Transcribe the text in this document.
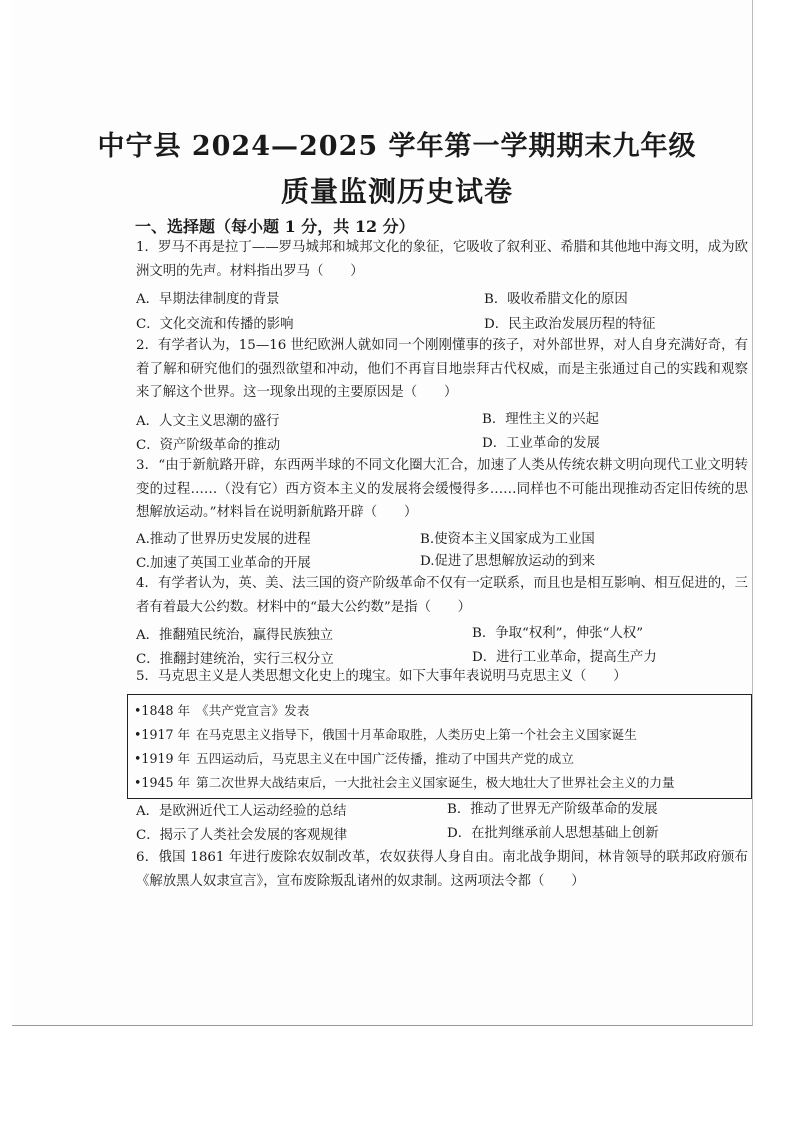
中宁县 2024—2025 学年第一学期期末九年级
质量监测历史试卷
一、选择题（每小题 1 分，共 12 分）
1．罗马不再是拉丁——罗马城邦和城邦文化的象征，它吸收了叙利亚、希腊和其他地中海文明，成为欧洲文明的先声。材料指出罗马（　　）
A．早期法律制度的背景	B．吸收希腊文化的原因
C．文化交流和传播的影响	D．民主政治发展历程的特征
2．有学者认为，15—16 世纪欧洲人就如同一个刚刚懂事的孩子，对外部世界，对人自身充满好奇，有着了解和研究他们的强烈欲望和冲动，他们不再盲目地崇拜古代权威，而是主张通过自己的实践和观察来了解这个世界。这一现象出现的主要原因是（　　）
A．人文主义思潮的盛行	B．理性主义的兴起
C．资产阶级革命的推动	D．工业革命的发展
3．“由于新航路开辟，东西两半球的不同文化圈大汇合，加速了人类从传统农耕文明向现代工业文明转变的过程……（没有它）西方资本主义的发展将会缓慢得多……同样也不可能出现推动否定旧传统的思想解放运动。”材料旨在说明新航路开辟（　　）
A.推动了世界历史发展的进程	B.使资本主义国家成为工业国
C.加速了英国工业革命的开展	D.促进了思想解放运动的到来
4．有学者认为，英、美、法三国的资产阶级革命不仅有一定联系，而且也是相互影响、相互促进的，三者有着最大公约数。材料中的“最大公约数”是指（　　）
A．推翻殖民统治，赢得民族独立	B．争取“权利”，伸张“人权”
C．推翻封建统治，实行三权分立	D．进行工业革命，提高生产力
5．马克思主义是人类思想文化史上的瑰宝。如下大事年表说明马克思主义（　　）
•1848 年 《共产党宣言》发表
•1917 年 在马克思主义指导下，俄国十月革命取胜，人类历史上第一个社会主义国家诞生
•1919 年 五四运动后，马克思主义在中国广泛传播，推动了中国共产党的成立
•1945 年 第二次世界大战结束后，一大批社会主义国家诞生，极大地壮大了世界社会主义的力量
A．是欧洲近代工人运动经验的总结	B．推动了世界无产阶级革命的发展
C．揭示了人类社会发展的客观规律	D．在批判继承前人思想基础上创新
6．俄国 1861 年进行废除农奴制改革，农奴获得人身自由。南北战争期间，林肯领导的联邦政府颁布《解放黑人奴隶宣言》，宣布废除叛乱诸州的奴隶制。这两项法令都（　　）
